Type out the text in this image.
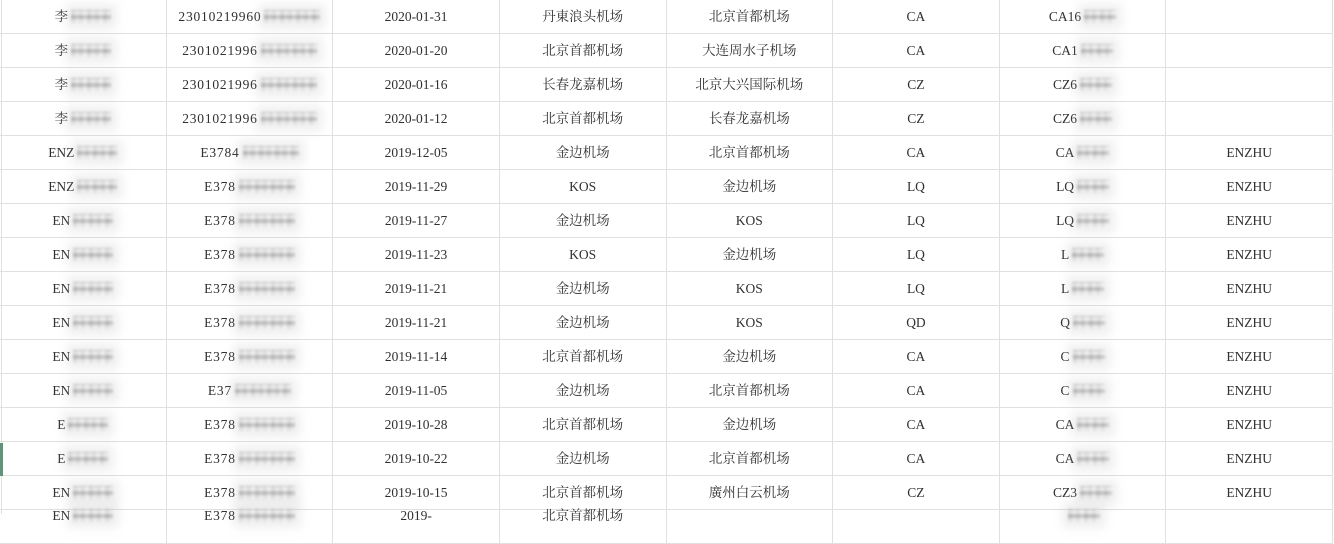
李	23010219960	2020-01-31	丹東浪头机场	北京首都机场	CA	CA16
李	2301021996	2020-01-20	北京首都机场	大连周水子机场	CA	CA1
李	2301021996	2020-01-16	长春龙嘉机场	北京大兴国际机场	CZ	CZ6
李	2301021996	2020-01-12	北京首都机场	长春龙嘉机场	CZ	CZ6
ENZ	E3784	2019-12-05	金边机场	北京首都机场	CA	CA	ENZHU
ENZ	E378	2019-11-29	KOS	金边机场	LQ	LQ	ENZHU
EN	E378	2019-11-27	金边机场	KOS	LQ	LQ	ENZHU
EN	E378	2019-11-23	KOS	金边机场	LQ	L	ENZHU
EN	E378	2019-11-21	金边机场	KOS	LQ	L	ENZHU
EN	E378	2019-11-21	金边机场	KOS	QD	Q	ENZHU
EN	E378	2019-11-14	北京首都机场	金边机场	CA	C	ENZHU
EN	E37	2019-11-05	金边机场	北京首都机场	CA	C	ENZHU
E	E378	2019-10-28	北京首都机场	金边机场	CA	CA	ENZHU
E	E378	2019-10-22	金边机场	北京首都机场	CA	CA	ENZHU
EN	E378	2019-10-15	北京首都机场	廣州白云机场	CZ	CZ3	ENZHU
EN	E378	2019-	北京首都机场
